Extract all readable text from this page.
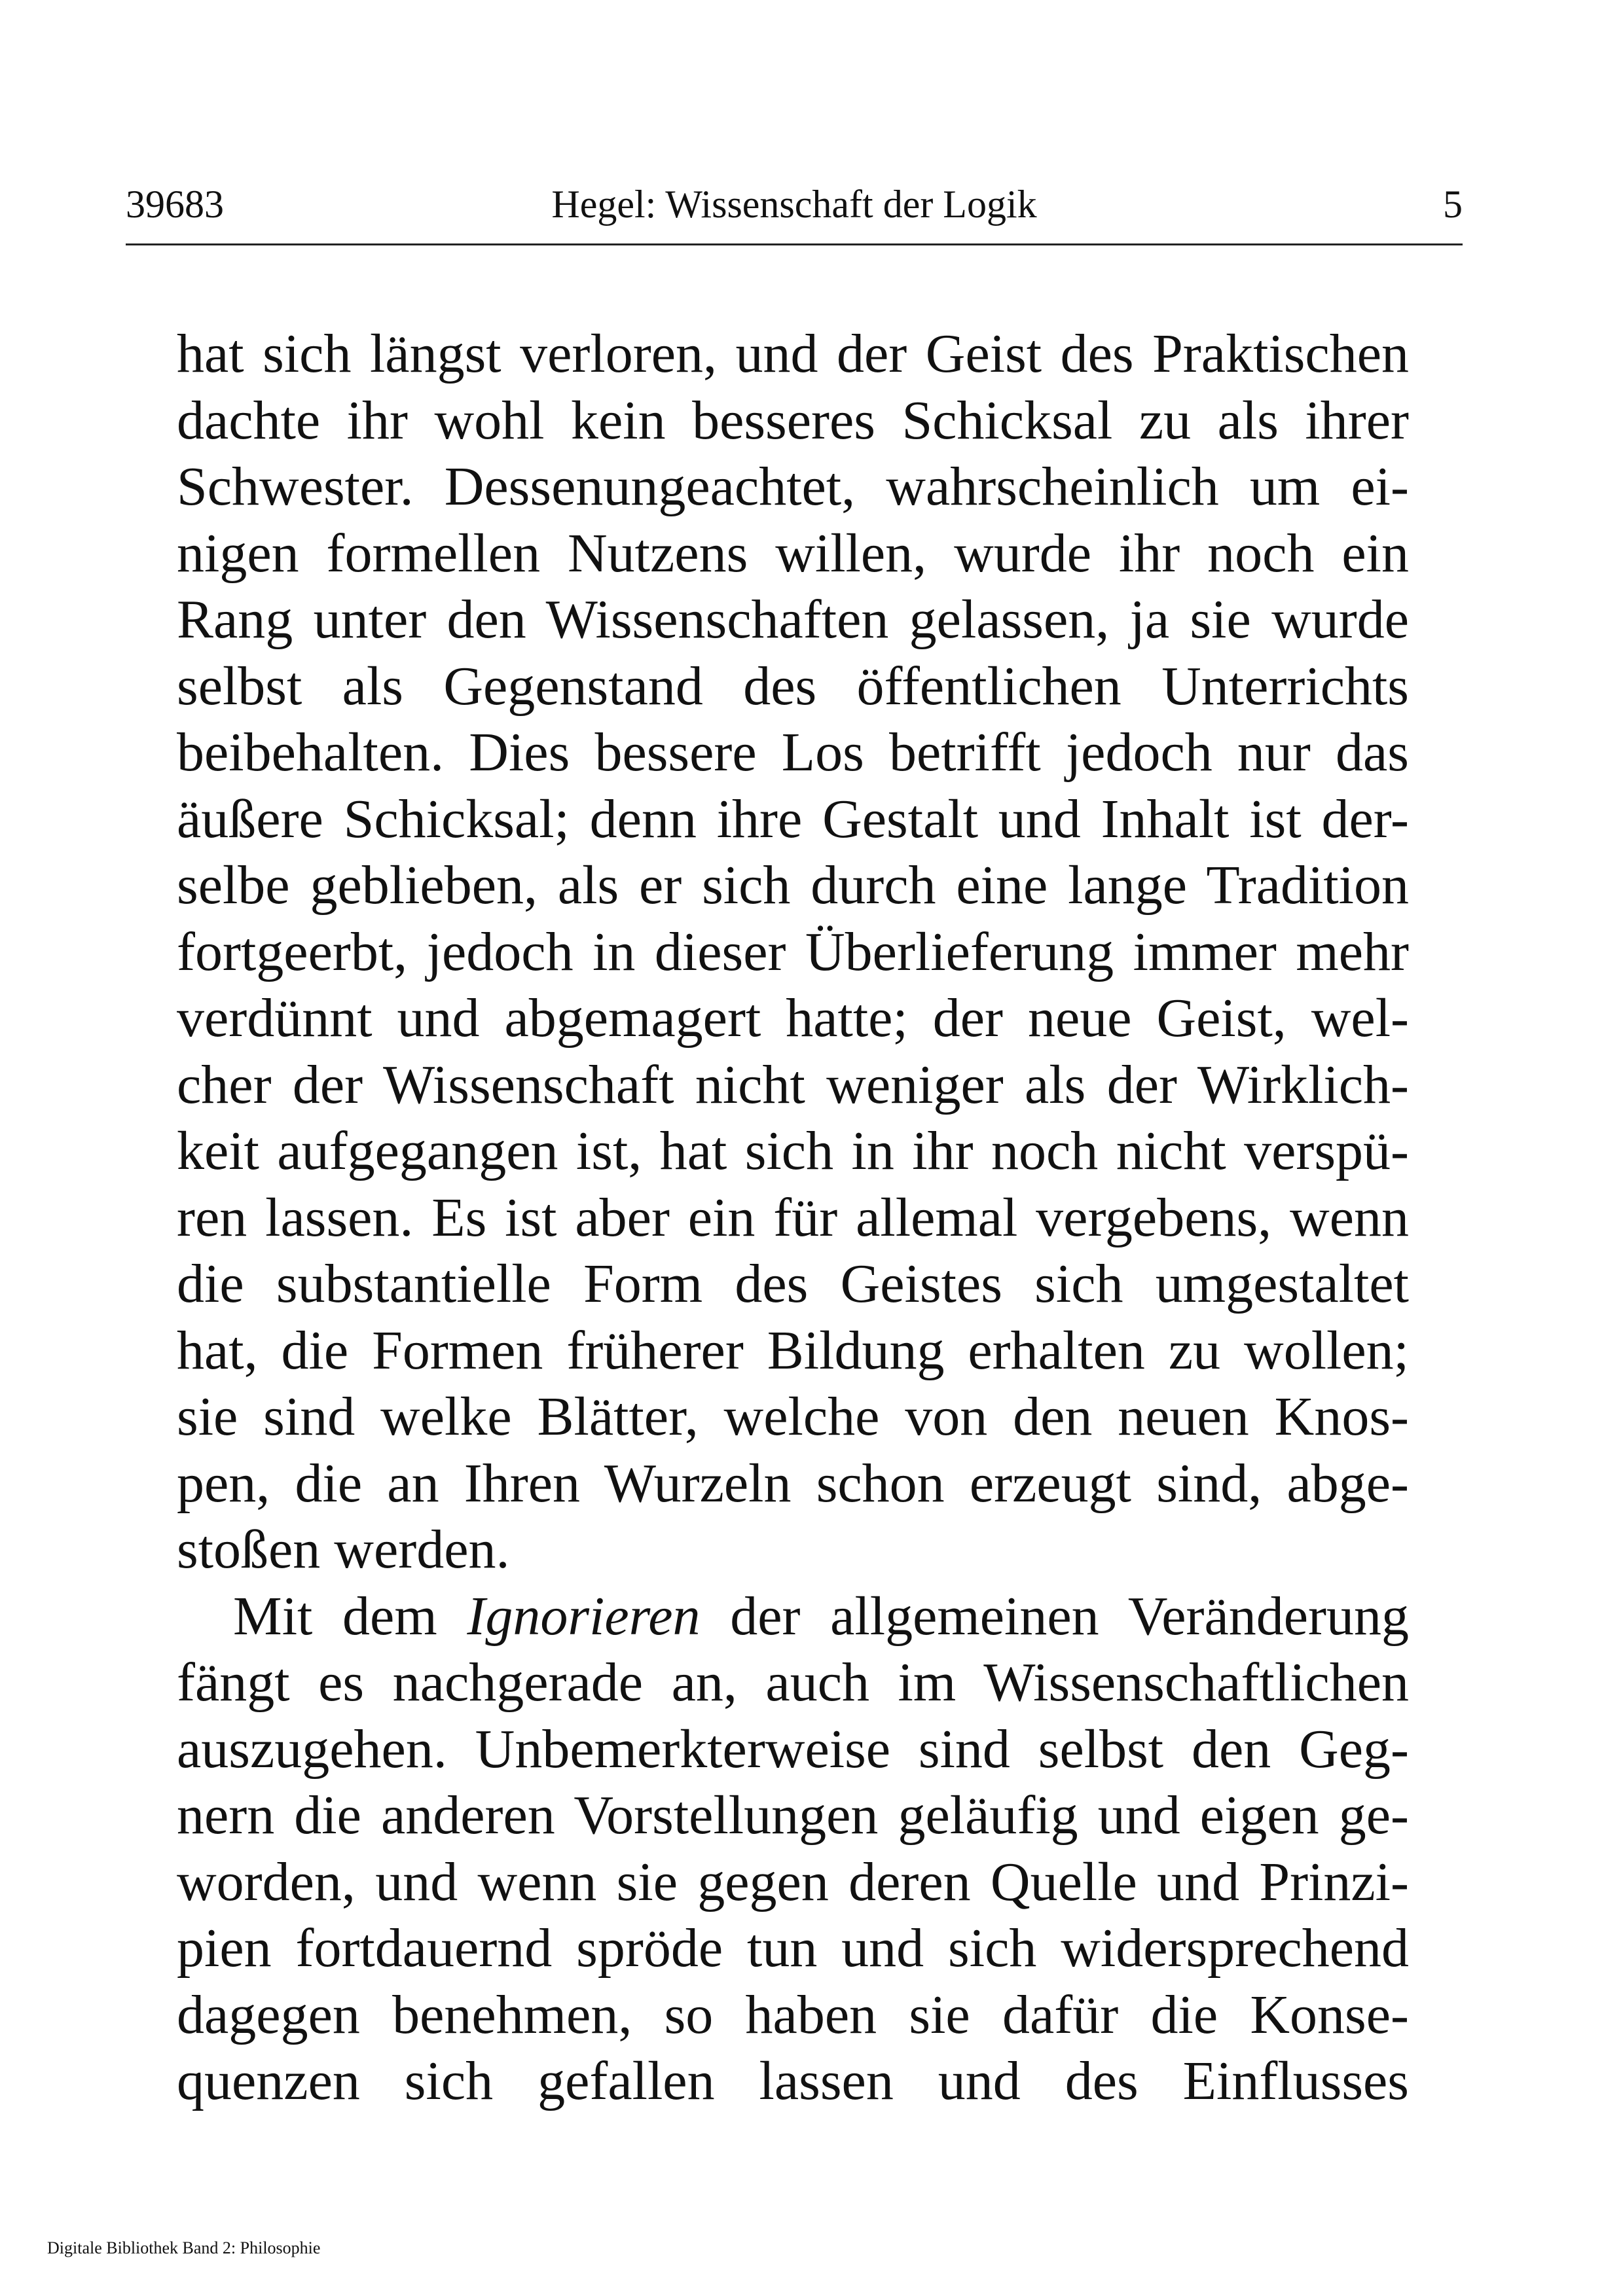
39683	Hegel: Wissenschaft der Logik	5
hat sich längst verloren, und der Geist des Praktischen
dachte ihr wohl kein besseres Schicksal zu als ihrer
Schwester. Dessenungeachtet, wahrscheinlich um ei-
nigen formellen Nutzens willen, wurde ihr noch ein
Rang unter den Wissenschaften gelassen, ja sie wurde
selbst als Gegenstand des öffentlichen Unterrichts
beibehalten. Dies bessere Los betrifft jedoch nur das
äußere Schicksal; denn ihre Gestalt und Inhalt ist der-
selbe geblieben, als er sich durch eine lange Tradition
fortgeerbt, jedoch in dieser Überlieferung immer mehr
verdünnt und abgemagert hatte; der neue Geist, wel-
cher der Wissenschaft nicht weniger als der Wirklich-
keit aufgegangen ist, hat sich in ihr noch nicht verspü-
ren lassen. Es ist aber ein für allemal vergebens, wenn
die substantielle Form des Geistes sich umgestaltet
hat, die Formen früherer Bildung erhalten zu wollen;
sie sind welke Blätter, welche von den neuen Knos-
pen, die an Ihren Wurzeln schon erzeugt sind, abge-
stoßen werden.
Mit dem Ignorieren der allgemeinen Veränderung
fängt es nachgerade an, auch im Wissenschaftlichen
auszugehen. Unbemerkterweise sind selbst den Geg-
nern die anderen Vorstellungen geläufig und eigen ge-
worden, und wenn sie gegen deren Quelle und Prinzi-
pien fortdauernd spröde tun und sich widersprechend
dagegen benehmen, so haben sie dafür die Konse-
quenzen sich gefallen lassen und des Einflusses
Digitale Bibliothek Band 2: Philosophie
